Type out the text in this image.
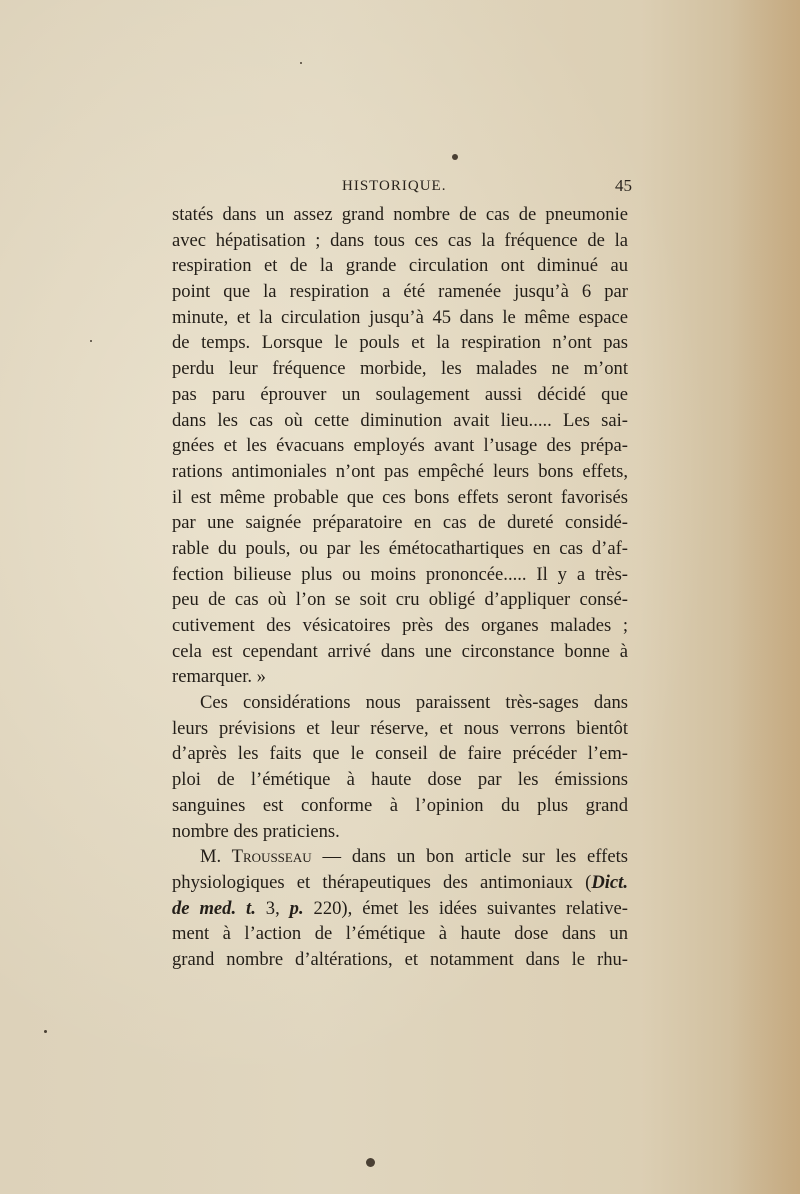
HISTORIQUE.	45
statés dans un assez grand nombre de cas de pneumonie
avec hépatisation ; dans tous ces cas la fréquence de la
respiration et de la grande circulation ont diminué au
point que la respiration a été ramenée jusqu’à 6 par
minute, et la circulation jusqu’à 45 dans le même espace
de temps. Lorsque le pouls et la respiration n’ont pas
perdu leur fréquence morbide, les malades ne m’ont
pas paru éprouver un soulagement aussi décidé que
dans les cas où cette diminution avait lieu..... Les sai-
gnées et les évacuans employés avant l’usage des prépa-
rations antimoniales n’ont pas empêché leurs bons effets,
il est même probable que ces bons effets seront favorisés
par une saignée préparatoire en cas de dureté considé-
rable du pouls, ou par les émétocathartiques en cas d’af-
fection bilieuse plus ou moins prononcée..... Il y a très-
peu de cas où l’on se soit cru obligé d’appliquer consé-
cutivement des vésicatoires près des organes malades ;
cela est cependant arrivé dans une circonstance bonne à
remarquer. »
Ces considérations nous paraissent très-sages dans
leurs prévisions et leur réserve, et nous verrons bientôt
d’après les faits que le conseil de faire précéder l’em-
ploi de l’émétique à haute dose par les émissions
sanguines est conforme à l’opinion du plus grand
nombre des praticiens.
M. Trousseau — dans un bon article sur les effets
physiologiques et thérapeutiques des antimoniaux (Dict.
de med. t. 3, p. 220), émet les idées suivantes relative-
ment à l’action de l’émétique à haute dose dans un
grand nombre d’altérations, et notamment dans le rhu-
